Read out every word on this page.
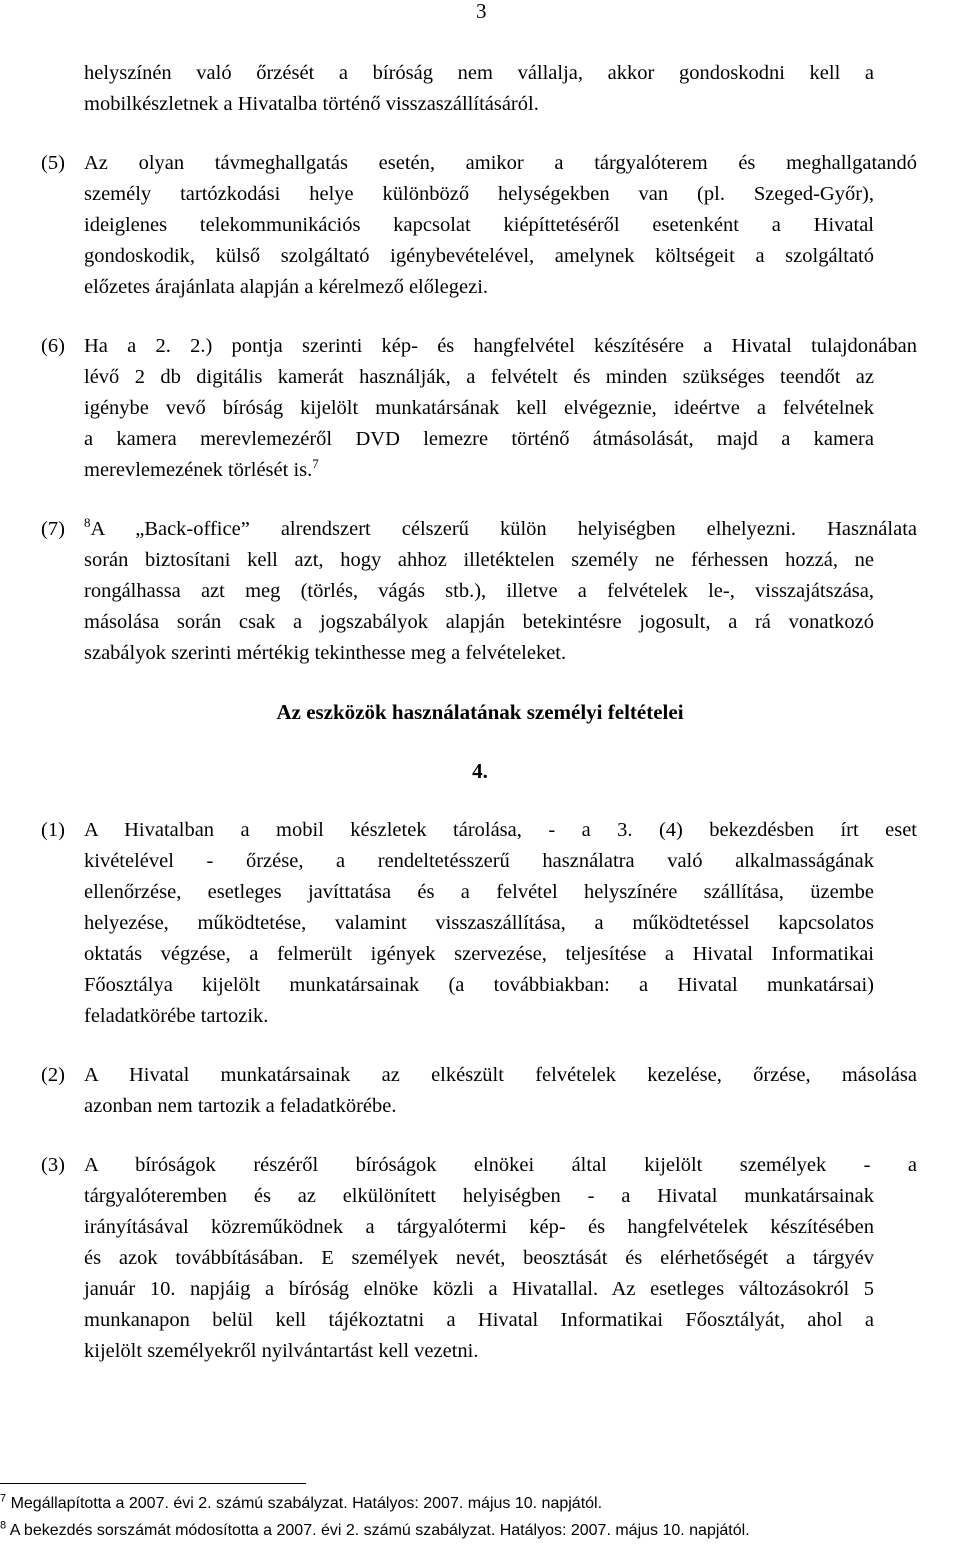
3
helyszínén való őrzését a bíróság nem vállalja, akkor gondoskodni kell a
mobilkészletnek a Hivatalba történő visszaszállításáról.
(5) Az olyan távmeghallgatás esetén, amikor a tárgyalóterem és meghallgatandó
személy tartózkodási helye különböző helységekben van (pl. Szeged-Győr),
ideiglenes telekommunikációs kapcsolat kiépíttetéséről esetenként a Hivatal
gondoskodik, külső szolgáltató igénybevételével, amelynek költségeit a szolgáltató
előzetes árajánlata alapján a kérelmező előlegezi.
(6) Ha a 2. 2.) pontja szerinti kép- és hangfelvétel készítésére a Hivatal tulajdonában
lévő 2 db digitális kamerát használják, a felvételt és minden szükséges teendőt az
igénybe vevő bíróság kijelölt munkatársának kell elvégeznie, ideértve a felvételnek
a kamera merevlemezéről DVD lemezre történő átmásolását, majd a kamera
merevlemezének törlését is.$^7$
(7) $^8$A „Back-office” alrendszert célszerű külön helyiségben elhelyezni. Használata
során biztosítani kell azt, hogy ahhoz illetéktelen személy ne férhessen hozzá, ne
rongálhassa azt meg (törlés, vágás stb.), illetve a felvételek le-, visszajátszása,
másolása során csak a jogszabályok alapján betekintésre jogosult, a rá vonatkozó
szabályok szerinti mértékig tekinthesse meg a felvételeket.
Az eszközök használatának személyi feltételei
4.
(1) A Hivatalban a mobil készletek tárolása, - a 3. (4) bekezdésben írt eset
kivételével - őrzése, a rendeltetésszerű használatra való alkalmasságának
ellenőrzése, esetleges javíttatása és a felvétel helyszínére szállítása, üzembe
helyezése, működtetése, valamint visszaszállítása, a működtetéssel kapcsolatos
oktatás végzése, a felmerült igények szervezése, teljesítése a Hivatal Informatikai
Főosztálya kijelölt munkatársainak (a továbbiakban: a Hivatal munkatársai)
feladatkörébe tartozik.
(2) A Hivatal munkatársainak az elkészült felvételek kezelése, őrzése, másolása
azonban nem tartozik a feladatkörébe.
(3) A bíróságok részéről bíróságok elnökei által kijelölt személyek - a
tárgyalóteremben és az elkülönített helyiségben - a Hivatal munkatársainak
irányításával közreműködnek a tárgyalótermi kép- és hangfelvételek készítésében
és azok továbbításában. E személyek nevét, beosztását és elérhetőségét a tárgyév
január 10. napjáig a bíróság elnöke közli a Hivatallal. Az esetleges változásokról 5
munkanapon belül kell tájékoztatni a Hivatal Informatikai Főosztályát, ahol a
kijelölt személyekről nyilvántartást kell vezetni.
$^7$ Megállapította a 2007. évi 2. számú szabályzat. Hatályos: 2007. május 10. napjától.
$^8$ A bekezdés sorszámát módosította a 2007. évi 2. számú szabályzat. Hatályos: 2007. május 10. napjától.
